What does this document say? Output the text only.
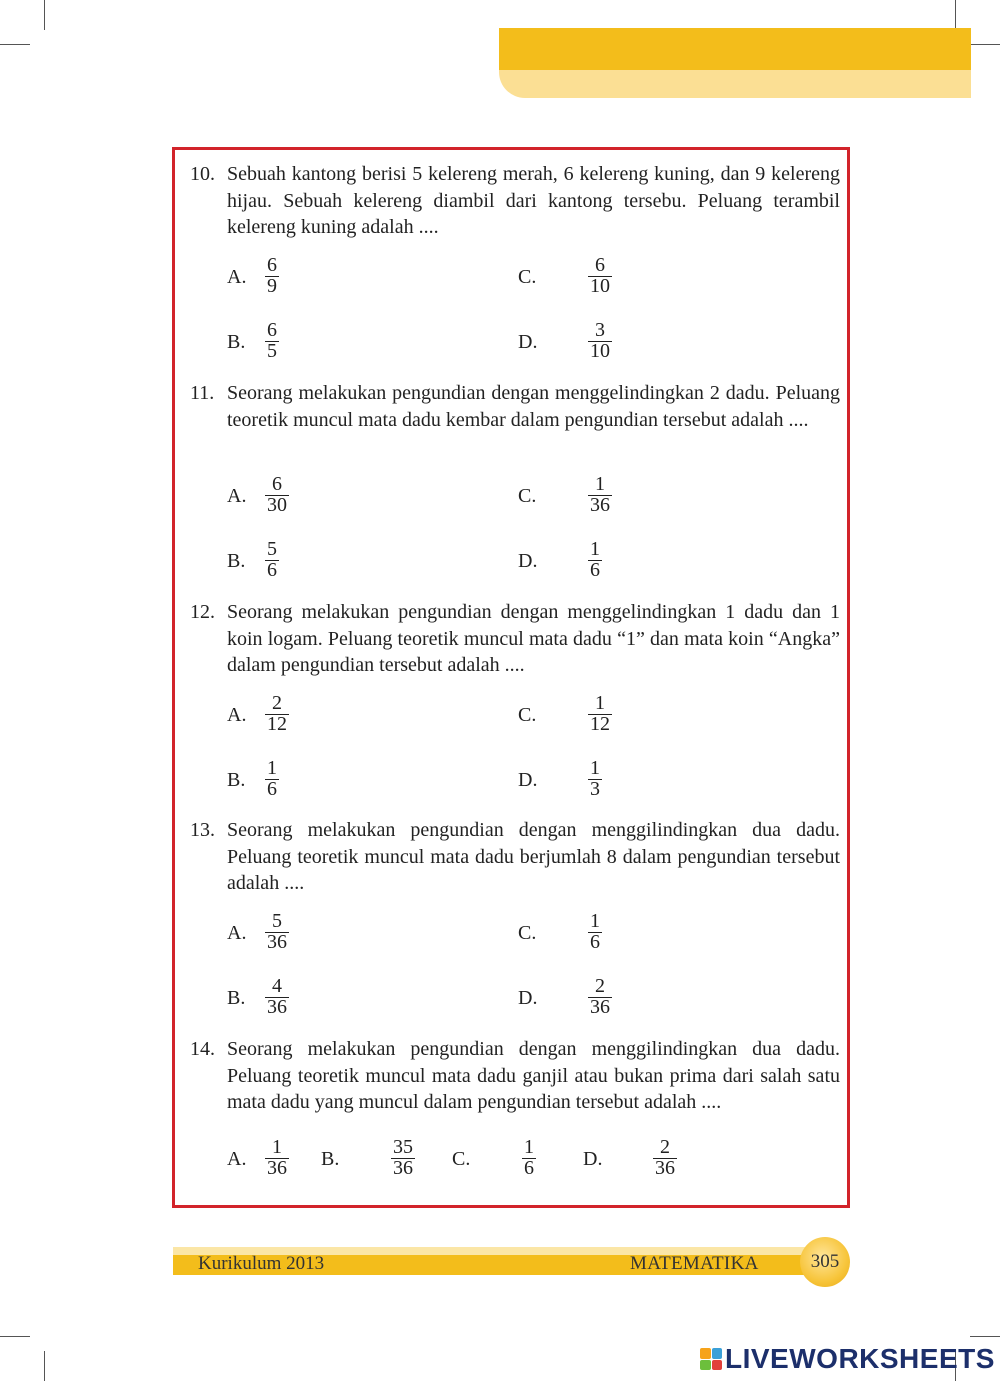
10. Sebuah kantong berisi 5 kelereng merah, 6 kelereng kuning, dan 9 kelereng hijau. Sebuah kelereng diambil dari kantong tersebu. Peluang terambil kelereng kuning adalah ....
A.
6
9	C.
6
10
B.
6
5	D.
3
10
11. Seorang melakukan pengundian dengan menggelindingkan 2 dadu. Peluang teoretik muncul mata dadu kembar dalam pengundian tersebut adalah ....
A.
6
30	C.
1
36
B.
5
6	D.
1
6
12. Seorang melakukan pengundian dengan menggelindingkan 1 dadu dan 1 koin logam. Peluang teoretik muncul mata dadu “1” dan mata koin “Angka” dalam pengundian tersebut adalah ....
A.
2
12	C.
1
12
B.
1
6	D.
1
3
13. Seorang melakukan pengundian dengan menggilindingkan dua dadu. Peluang teoretik muncul mata dadu berjumlah 8 dalam pengundian tersebut adalah ....
A.
5
36	C.
1
6
B.
4
36	D.
2
36
14. Seorang melakukan pengundian dengan menggilindingkan dua dadu. Peluang teoretik muncul mata dadu ganjil atau bukan prima dari salah satu mata dadu yang muncul dalam pengundian tersebut adalah ....
A.
1
36 B.
35
36 C.
1
6 D.
2
36
Kurikulum 2013	MATEMATIKA	305
LIVEWORKSHEETS
